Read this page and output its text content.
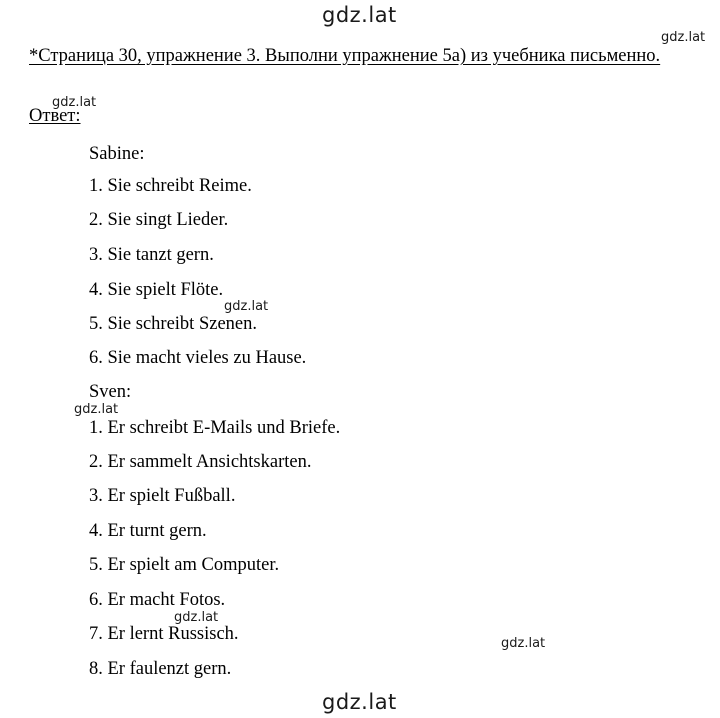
gdz.lat
*Страница 30, упражнение 3. Выполни упражнение 5а) из учебника письменно.
gdz.lat
gdz.lat
Ответ:
Sabine:
1. Sie schreibt Reime.
2. Sie singt Lieder.
3. Sie tanzt gern.
4. Sie spielt Flöte.
gdz.lat
5. Sie schreibt Szenen.
6. Sie macht vieles zu Hause.
Sven:
gdz.lat
1. Er schreibt E-Mails und Briefe.
2. Er sammelt Ansichtskarten.
3. Er spielt Fußball.
4. Er turnt gern.
5. Er spielt am Computer.
6. Er macht Fotos.
gdz.lat
7. Er lernt Russisch.	gdz.lat
8. Er faulenzt gern.
gdz.lat
